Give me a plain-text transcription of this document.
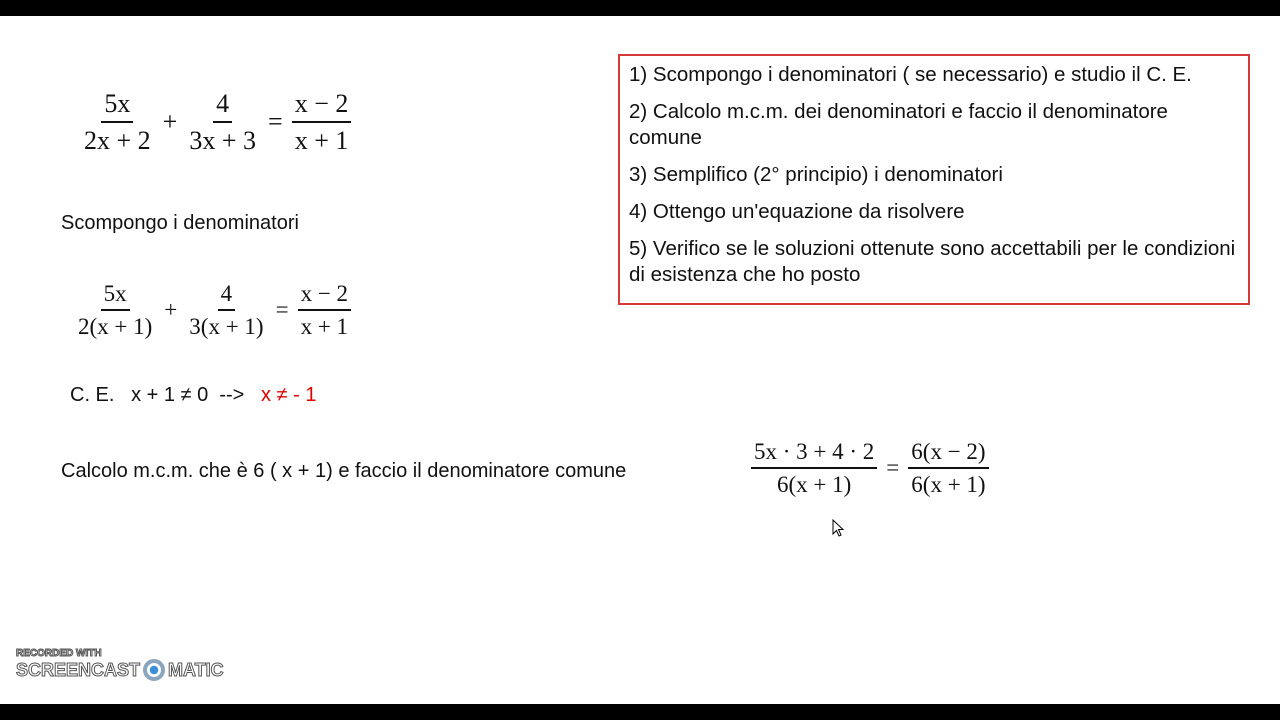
$\frac{5x}{2x + 2} + \frac{4}{3x + 3} = \frac{x - 2}{x + 1}$
Scompongo i denominatori
$\frac{5x}{2(x + 1)} + \frac{4}{3(x + 1)} = \frac{x - 2}{x + 1}$
C. E.   x + 1 ≠ 0  --> x ≠ - 1
Calcolo m.c.m. che è 6 ( x + 1) e faccio il denominatore comune	$\frac{5x \cdot 3 + 4 \cdot 2}{6(x + 1)} = \frac{6(x - 2)}{6(x + 1)}$

1) Scompongo i denominatori ( se necessario) e studio il C. E.

2) Calcolo m.c.m. dei denominatori e faccio il denominatore comune

3) Semplifico (2° principio) i denominatori

4) Ottengo un'equazione da risolvere

5) Verifico se le soluzioni ottenute sono accettabili per le condizioni di esistenza che ho posto

RECORDED WITH
SCREENCAST MATIC
